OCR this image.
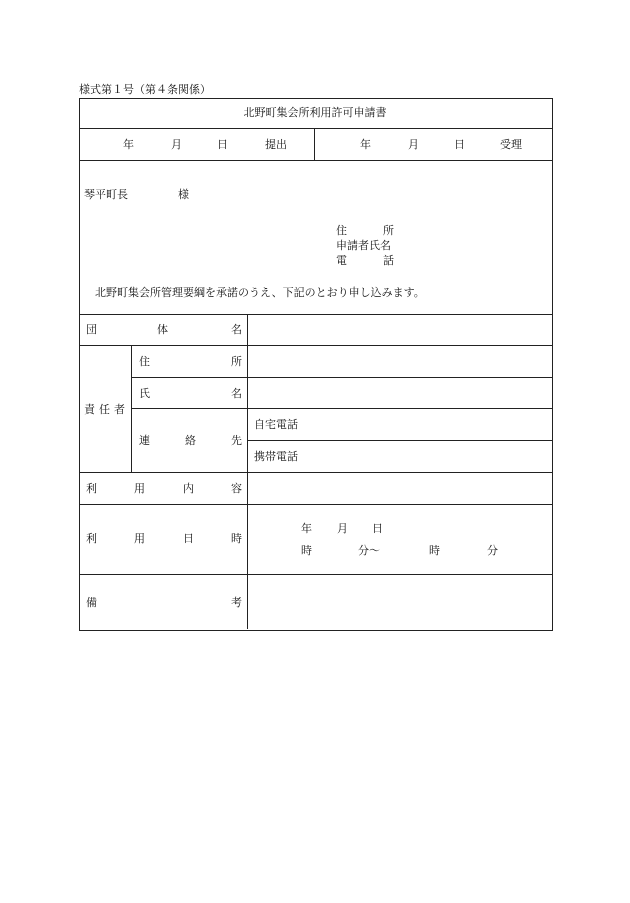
様式第１号（第４条関係）
北野町集会所利用許可申請書
年	月	日	提出	年	月	日	受理
琴平町長	様
住	所
申請者氏名
電	話
北野町集会所管理要綱を承諾のうえ、下記のとおり申し込みます。
団	体	名
責 任 者
住	所
氏	名
連	絡	先
自宅電話
携帯電話
利	用	内	容
利	用	日	時
年 月 日
時	分〜	時	分
備	考
